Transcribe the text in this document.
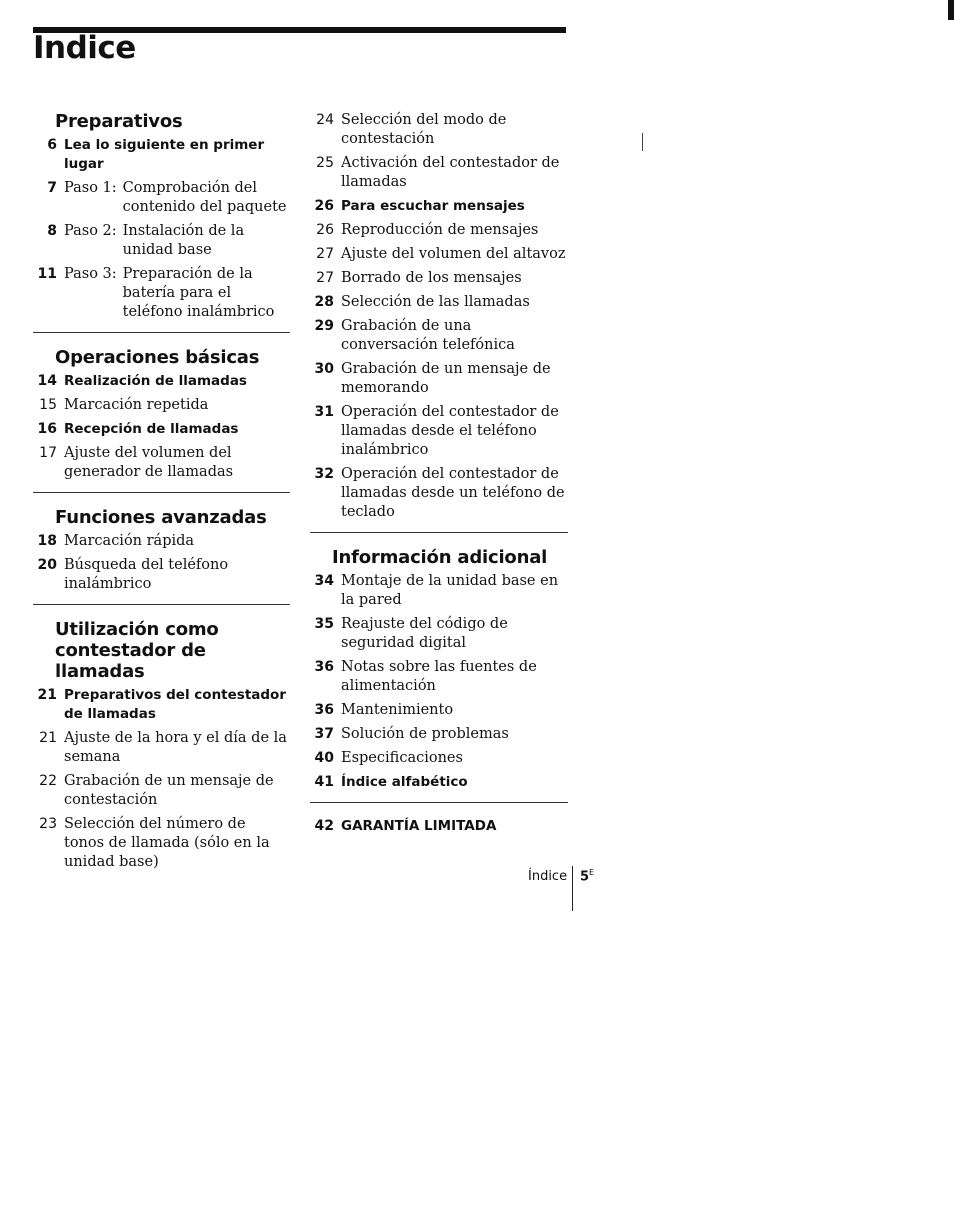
Índice
Preparativos
6 Lea lo siguiente en primer lugar
7 Paso 1: Comprobación del contenido del paquete
8 Paso 2: Instalación de la unidad base
11 Paso 3: Preparación de la batería para el teléfono inalámbrico
Operaciones básicas
14 Realización de llamadas
15 Marcación repetida
16 Recepción de llamadas
17 Ajuste del volumen del generador de llamadas
Funciones avanzadas
18 Marcación rápida
20 Búsqueda del teléfono inalámbrico
Utilización como contestador de llamadas
21 Preparativos del contestador de llamadas
21 Ajuste de la hora y el día de la semana
22 Grabación de un mensaje de contestación
23 Selección del número de tonos de llamada (sólo en la unidad base)
24 Selección del modo de contestación
25 Activación del contestador de llamadas
26 Para escuchar mensajes
26 Reproducción de mensajes
27 Ajuste del volumen del altavoz
27 Borrado de los mensajes
28 Selección de las llamadas
29 Grabación de una conversación telefónica
30 Grabación de un mensaje de memorando
31 Operación del contestador de llamadas desde el teléfono inalámbrico
32 Operación del contestador de llamadas desde un teléfono de teclado
Información adicional
34 Montaje de la unidad base en la pared
35 Reajuste del código de seguridad digital
36 Notas sobre las fuentes de alimentación
36 Mantenimiento
37 Solución de problemas
40 Especificaciones
41 Índice alfabético
42 GARANTÍA LIMITADA
Índice $5^E$
